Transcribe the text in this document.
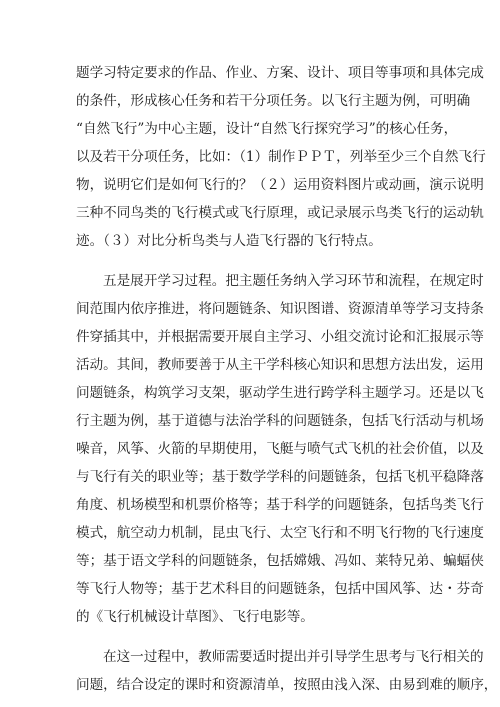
题学习特定要求的作品、作业、方案、设计、项目等事项和具体完成
的条件，形成核心任务和若干分项任务。以飞行主题为例，可明确
“自然飞行”为中心主题，设计“自然飞行探究学习”的核心任务，
以及若干分项任务，比如：（1）制作ＰＰＴ，列举至少三个自然飞行
物，说明它们是如何飞行的？（２）运用资料图片或动画，演示说明
三种不同鸟类的飞行模式或飞行原理，或记录展示鸟类飞行的运动轨
迹。（３）对比分析鸟类与人造飞行器的飞行特点。
五是展开学习过程。把主题任务纳入学习环节和流程，在规定时
间范围内依序推进，将问题链条、知识图谱、资源清单等学习支持条
件穿插其中，并根据需要开展自主学习、小组交流讨论和汇报展示等
活动。其间，教师要善于从主干学科核心知识和思想方法出发，运用
问题链条，构筑学习支架，驱动学生进行跨学科主题学习。还是以飞
行主题为例，基于道德与法治学科的问题链条，包括飞行活动与机场
噪音，风筝、火箭的早期使用，飞艇与喷气式飞机的社会价值，以及
与飞行有关的职业等；基于数学学科的问题链条，包括飞机平稳降落
角度、机场模型和机票价格等；基于科学的问题链条，包括鸟类飞行
模式，航空动力机制，昆虫飞行、太空飞行和不明飞行物的飞行速度
等；基于语文学科的问题链条，包括嫦娥、冯如、莱特兄弟、蝙蝠侠
等飞行人物等；基于艺术科目的问题链条，包括中国风筝、达・芬奇
的《飞行机械设计草图》、飞行电影等。
在这一过程中，教师需要适时提出并引导学生思考与飞行相关的
问题，结合设定的课时和资源清单，按照由浅入深、由易到难的顺序，
